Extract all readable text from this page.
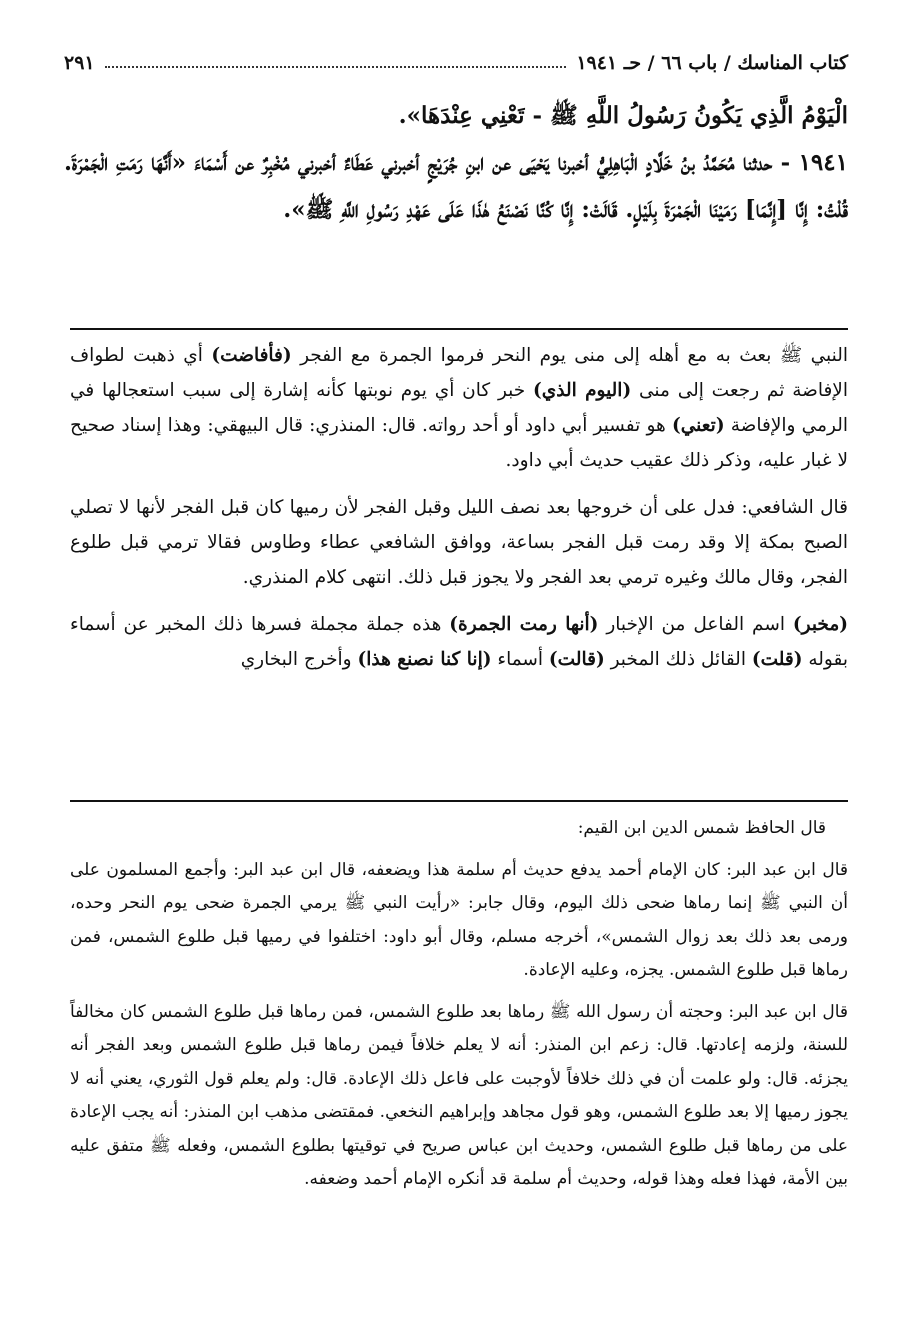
كتاب المناسك / باب ٦٦ / حـ ١٩٤١
٢٩١

الْيَوْمُ الَّذِي يَكُونُ رَسُولُ اللَّهِ ﷺ - تَعْنِي عِنْدَهَا».

١٩٤١ - حدثنا مُحَمَّدُ بنُ خَلَّادٍ الْبَاهِلِيُّ أخبرنا يَحْيَى عن ابنِ جُرَيْجٍ أخبرني عَطَاءٌ أخبرني مُخْبِرٌ عن أَسْمَاءَ «أَنَّهَا رَمَتِ الْجَمْرَةَ. قُلْتُ: إِنَّا [إِنَّمَا] رَمَيْنَا الْجَمْرَةَ بِلَيْلٍ. قَالَتْ: إِنَّا كُنَّا نَصْنَعُ هٰذَا عَلَى عَهْدِ رَسُولِ اللَّهِ ﷺ».

النبي ﷺ بعث به مع أهله إلى منى يوم النحر فرموا الجمرة مع الفجر (فأفاضت) أي ذهبت لطواف الإفاضة ثم رجعت إلى منى (اليوم الذي) خبر كان أي يوم نوبتها كأنه إشارة إلى سبب استعجالها في الرمي والإفاضة (تعني) هو تفسير أبي داود أو أحد رواته. قال: المنذري: قال البيهقي: وهذا إسناد صحيح لا غبار عليه، وذكر ذلك عقيب حديث أبي داود.

قال الشافعي: فدل على أن خروجها بعد نصف الليل وقبل الفجر لأن رميها كان قبل الفجر لأنها لا تصلي الصبح بمكة إلا وقد رمت قبل الفجر بساعة، ووافق الشافعي عطاء وطاوس فقالا ترمي قبل طلوع الفجر، وقال مالك وغيره ترمي بعد الفجر ولا يجوز قبل ذلك. انتهى كلام المنذري.

(مخبر) اسم الفاعل من الإخبار (أنها رمت الجمرة) هذه جملة مجملة فسرها ذلك المخبر عن أسماء بقوله (قلت) القائل ذلك المخبر (قالت) أسماء (إنا كنا نصنع هذا) وأخرج البخاري

قال الحافظ شمس الدين ابن القيم:

قال ابن عبد البر: كان الإمام أحمد يدفع حديث أم سلمة هذا ويضعفه، قال ابن عبد البر: وأجمع المسلمون على أن النبي ﷺ إنما رماها ضحى ذلك اليوم، وقال جابر: «رأيت النبي ﷺ يرمي الجمرة ضحى يوم النحر وحده، ورمى بعد ذلك بعد زوال الشمس»، أخرجه مسلم، وقال أبو داود: اختلفوا في رميها قبل طلوع الشمس، فمن رماها قبل طلوع الشمس. يجزه، وعليه الإعادة.

قال ابن عبد البر: وحجته أن رسول الله ﷺ رماها بعد طلوع الشمس، فمن رماها قبل طلوع الشمس كان مخالفاً للسنة، ولزمه إعادتها. قال: زعم ابن المنذر: أنه لا يعلم خلافاً فيمن رماها قبل طلوع الشمس وبعد الفجر أنه يجزئه. قال: ولو علمت أن في ذلك خلافاً لأوجبت على فاعل ذلك الإعادة. قال: ولم يعلم قول الثوري، يعني أنه لا يجوز رميها إلا بعد طلوع الشمس، وهو قول مجاهد وإبراهيم النخعي. فمقتضى مذهب ابن المنذر: أنه يجب الإعادة على من رماها قبل طلوع الشمس، وحديث ابن عباس صريح في توقيتها بطلوع الشمس، وفعله ﷺ متفق عليه بين الأمة، فهذا فعله وهذا قوله، وحديث أم سلمة قد أنكره الإمام أحمد وضعفه.
